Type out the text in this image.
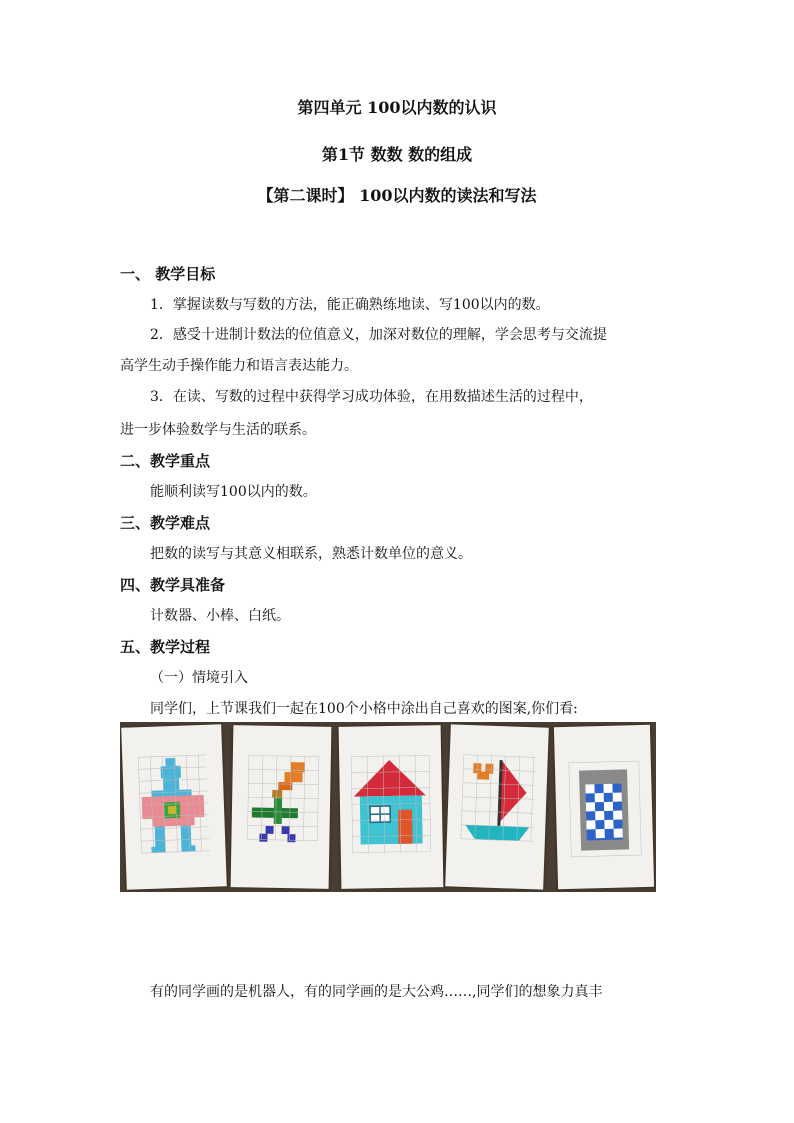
第四单元 100以内数的认识
第1节 数数 数的组成
【第二课时】 100以内数的读法和写法

一、 教学目标

1．掌握读数与写数的方法，能正确熟练地读、写100以内的数。

2．感受十进制计数法的位值意义，加深对数位的理解，学会思考与交流提

高学生动手操作能力和语言表达能力。

3．在读、写数的过程中获得学习成功体验，在用数描述生活的过程中，

进一步体验数学与生活的联系。

二、教学重点

能顺利读写100以内的数。

三、教学难点

把数的读写与其意义相联系，熟悉计数单位的意义。

四、教学具准备

计数器、小棒、白纸。

五、教学过程

（一）情境引入

同学们，上节课我们一起在100个小格中涂出自己喜欢的图案,你们看:

有的同学画的是机器人，有的同学画的是大公鸡……,同学们的想象力真丰
